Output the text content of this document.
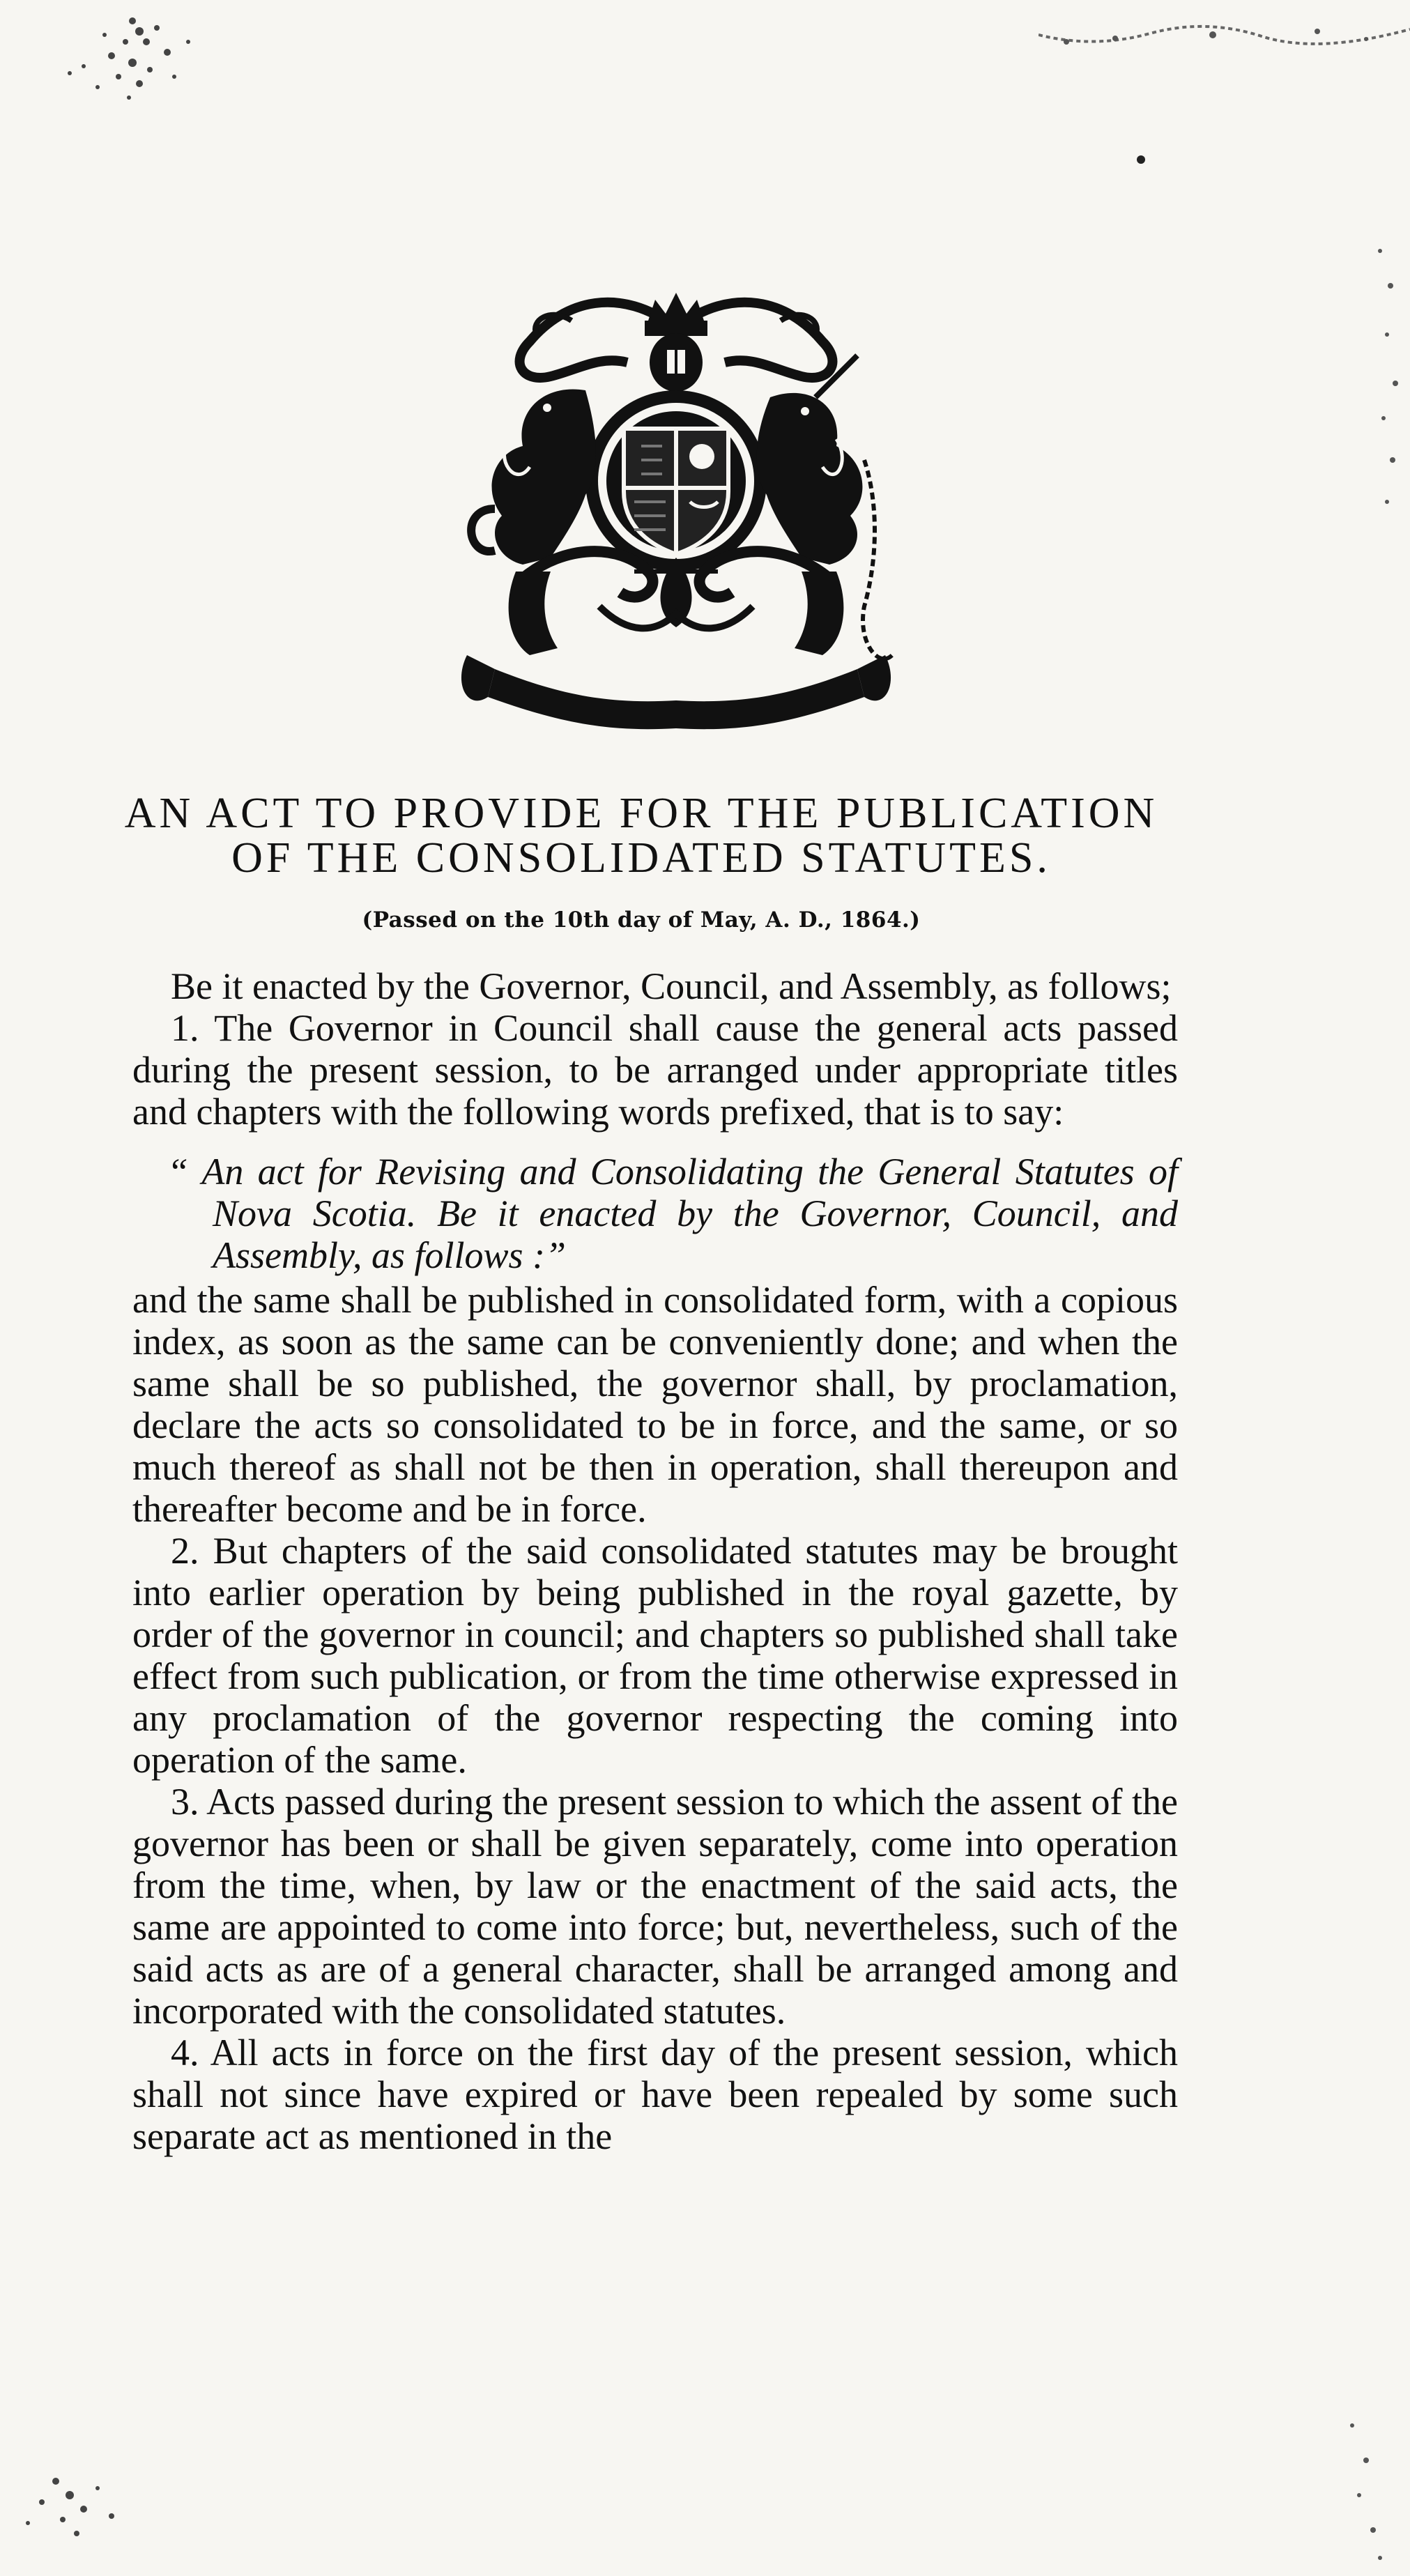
AN ACT TO PROVIDE FOR THE PUBLICATION
OF THE CONSOLIDATED STATUTES.
(Passed on the 10th day of May, A. D., 1864.)

Be it enacted by the Governor, Council, and Assembly, as follows;

1. The Governor in Council shall cause the general acts passed during the present session, to be arranged under appropriate titles and chapters with the following words prefixed, that is to say:

“ An act for Revising and Consolidating the General Statutes of Nova Scotia. Be it enacted by the Governor, Council, and Assembly, as follows :”

and the same shall be published in consolidated form, with a copious index, as soon as the same can be conveniently done; and when the same shall be so published, the governor shall, by proclamation, declare the acts so consolidated to be in force, and the same, or so much thereof as shall not be then in operation, shall thereupon and thereafter become and be in force.

2. But chapters of the said consolidated statutes may be brought into earlier operation by being published in the royal gazette, by order of the governor in council; and chapters so published shall take effect from such publication, or from the time otherwise expressed in any proclamation of the governor respecting the coming into operation of the same.

3. Acts passed during the present session to which the assent of the governor has been or shall be given separately, come into operation from the time, when, by law or the enactment of the said acts, the same are appointed to come into force; but, nevertheless, such of the said acts as are of a general character, shall be arranged among and incorporated with the consolidated statutes.

4. All acts in force on the first day of the present session, which shall not since have expired or have been repealed by some such separate act as mentioned in the
